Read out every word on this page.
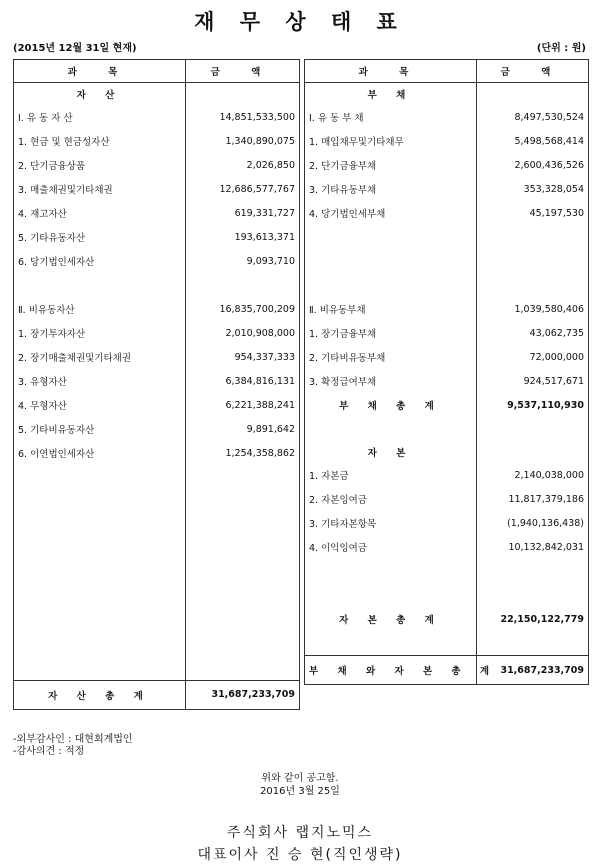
재 무 상 태 표
(2015년 12월 31일 현재)	(단위 : 원)
과 목	금 액
자 산	
Ⅰ. 유 동 자 산	14,851,533,500
1. 현금 및 현금성자산	1,340,890,075
2. 단기금융상품	2,026,850
3. 매출채권및기타채권	12,686,577,767
4. 재고자산	619,331,727
5. 기타유동자산	193,613,371
6. 당기법인세자산	9,093,710

Ⅱ. 비유동자산	16,835,700,209
1. 장기투자자산	2,010,908,000
2. 장기매출채권및기타채권	954,337,333
3. 유형자산	6,384,816,131
4. 무형자산	6,221,388,241
5. 기타비유동자산	9,891,642
6. 이연법인세자산	1,254,358,862

자 산 총 계	31,687,233,709
과 목	금 액
부 채	
Ⅰ. 유 동 부 채	8,497,530,524
1. 매입채무및기타채무	5,498,568,414
2. 단기금융부채	2,600,436,526
3. 기타유동부채	353,328,054
4. 당기법인세부채	45,197,530

Ⅱ. 비유동부채	1,039,580,406
1. 장기금융부채	43,062,735
2. 기타비유동부채	72,000,000
3. 확정급여부채	924,517,671
부 채 총 계	9,537,110,930

자 본	
1. 자본금	2,140,038,000
2. 자본잉여금	11,817,379,186
3. 기타자본항목	(1,940,136,438)
4. 이익잉여금	10,132,842,031

자 본 총 계	22,150,122,779

부 채 와 자 본 총 계	31,687,233,709
-외부감사인 : 대현회계법인
-감사의견 : 적정
위와 같이 공고함.
2016년 3월 25일
주식회사 랩지노믹스
대표이사 진 승 현(직인생략)
